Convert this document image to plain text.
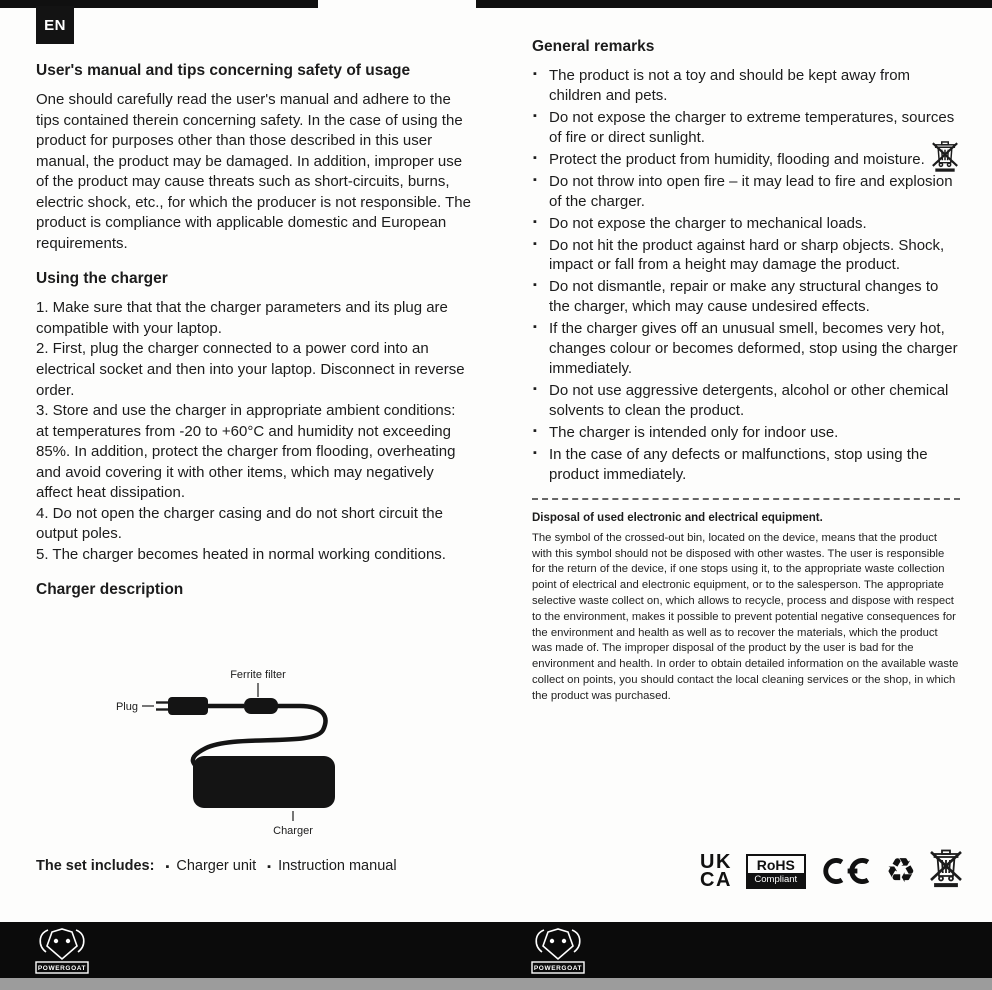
EN
User's manual and tips concerning safety of usage

One should carefully read the user's manual and adhere to the tips contained therein concerning safety. In the case of using the product for purposes other than those described in this user manual, the product may be damaged. In addition, improper use of the product may cause threats such as short-circuits, burns, electric shock, etc., for which the producer is not responsible. The product is compliance with applicable domestic and European requirements.

Using the charger

1. Make sure that that the charger parameters and its plug are compatible with your laptop.

2. First, plug the charger connected to a power cord into an electrical socket and then into your laptop. Disconnect in reverse order.

3. Store and use the charger in appropriate ambient conditions: at temperatures from -20 to +60°C and humidity not exceeding 85%. In addition, protect the charger from flooding, overheating and avoid covering it with other items, which may negatively affect heat dissipation.

4. Do not open the charger casing and do not short circuit the output poles.

5. The charger becomes heated in normal working conditions.

Charger description
Ferrite filter
Plug
Charger
The set includes: ▪ Charger unit ▪ Instruction manual
General remarks
▪ The product is not a toy and should be kept away from children and pets.
▪ Do not expose the charger to extreme temperatures, sources of fire or direct sunlight.
▪ Protect the product from humidity, flooding and moisture.
▪ Do not throw into open fire – it may lead to fire and explosion of the charger.
▪ Do not expose the charger to mechanical loads.
▪ Do not hit the product against hard or sharp objects. Shock, impact or fall from a height may damage the product.
▪ Do not dismantle, repair or make any structural changes to the charger, which may cause undesired effects.
▪ If the charger gives off an unusual smell, becomes very hot, changes colour or becomes deformed, stop using the charger immediately.
▪ Do not use aggressive detergents, alcohol or other chemical solvents to clean the product.
▪ The charger is intended only for indoor use.
▪ In the case of any defects or malfunctions, stop using the product immediately.

Disposal of used electronic and electrical equipment.

The symbol of the crossed-out bin, located on the device, means that the product with this symbol should not be disposed with other wastes. The user is responsible for the return of the device, if one stops using it, to the appropriate waste collection point of electrical and electronic equipment, or to the salesperson. The appropriate selective waste collect on, which allows to recycle, process and dispose with respect to the environment, makes it possible to prevent potential negative consequences for the environment and health as well as to recover the materials, which the product was made of. The improper disposal of the product by the user is bad for the environment and health. In order to obtain detailed information on the available waste collect on points, you should contact the local cleaning services or the shop, in which the product was purchased.

UK
CA
RoHS
Compliant	♻
POWERGOAT	POWERGOAT
